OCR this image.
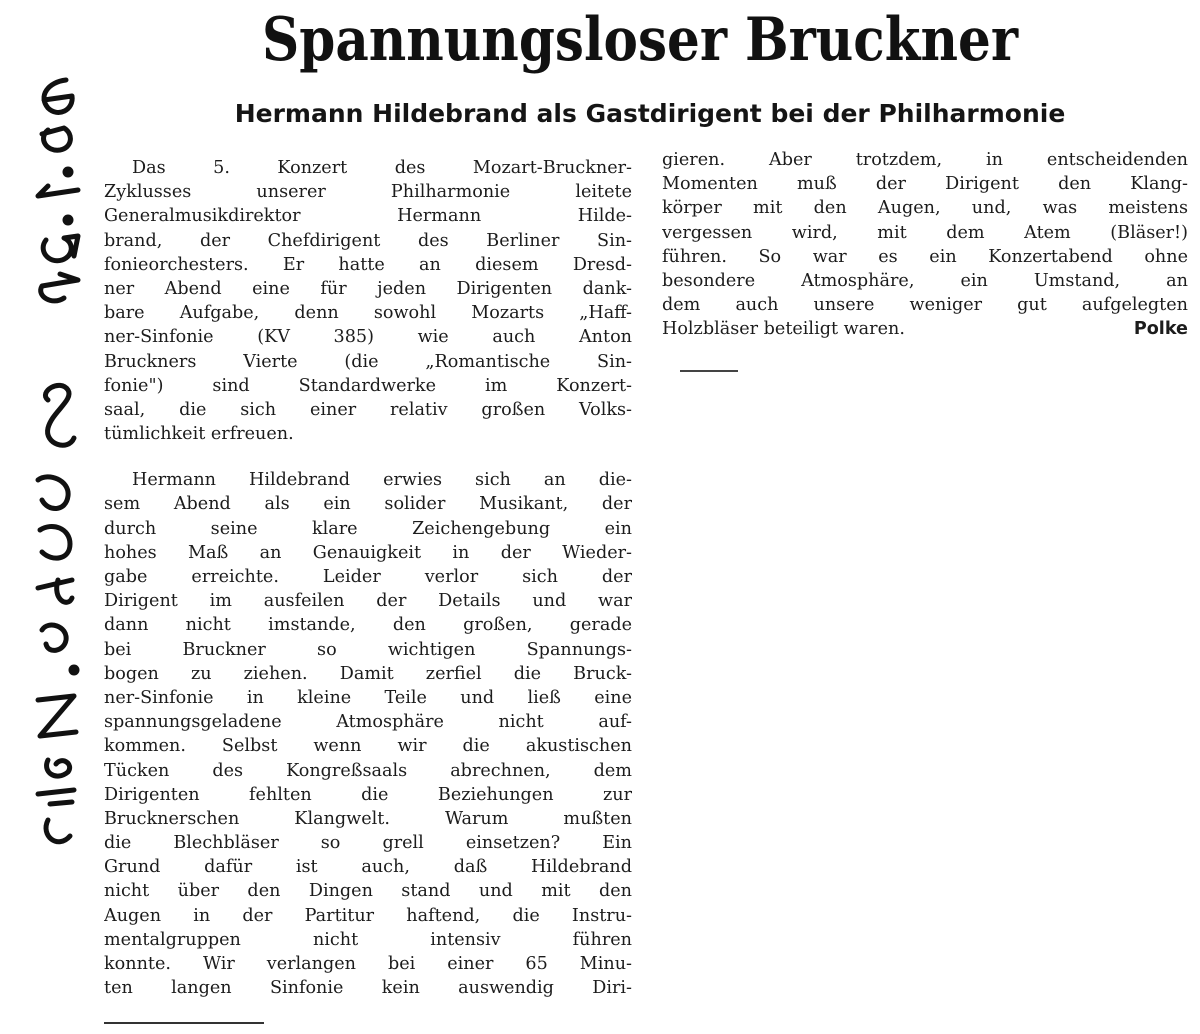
Spannungsloser Bruckner
Hermann Hildebrand als Gastdirigent bei der Philharmonie
Das 5. Konzert des Mozart-Bruckner-
Zyklusses unserer Philharmonie leitete
Generalmusikdirektor Hermann Hilde-
brand, der Chefdirigent des Berliner Sin-
fonieorchesters. Er hatte an diesem Dresd-
ner Abend eine für jeden Dirigenten dank-
bare Aufgabe, denn sowohl Mozarts „Haff-
ner-Sinfonie (KV 385) wie auch Anton
Bruckners Vierte (die „Romantische Sin-
fonie") sind Standardwerke im Konzert-
saal, die sich einer relativ großen Volks-
tümlichkeit erfreuen.
Hermann Hildebrand erwies sich an die-
sem Abend als ein solider Musikant, der
durch seine klare Zeichengebung ein
hohes Maß an Genauigkeit in der Wieder-
gabe erreichte. Leider verlor sich der
Dirigent im ausfeilen der Details und war
dann nicht imstande, den großen, gerade
bei Bruckner so wichtigen Spannungs-
bogen zu ziehen. Damit zerfiel die Bruck-
ner-Sinfonie in kleine Teile und ließ eine
spannungsgeladene Atmosphäre nicht auf-
kommen. Selbst wenn wir die akustischen
Tücken des Kongreßsaals abrechnen, dem
Dirigenten fehlten die Beziehungen zur
Brucknerschen Klangwelt. Warum mußten
die Blechbläser so grell einsetzen? Ein
Grund dafür ist auch, daß Hildebrand
nicht über den Dingen stand und mit den
Augen in der Partitur haftend, die Instru-
mentalgruppen nicht intensiv führen
konnte. Wir verlangen bei einer 65 Minu-
ten langen Sinfonie kein auswendig Diri-
gieren. Aber trotzdem, in entscheidenden
Momenten muß der Dirigent den Klang-
körper mit den Augen, und, was meistens
vergessen wird, mit dem Atem (Bläser!)
führen. So war es ein Konzertabend ohne
besondere Atmosphäre, ein Umstand, an
dem auch unsere weniger gut aufgelegten
Holzbläser beteiligt waren.	Polke
